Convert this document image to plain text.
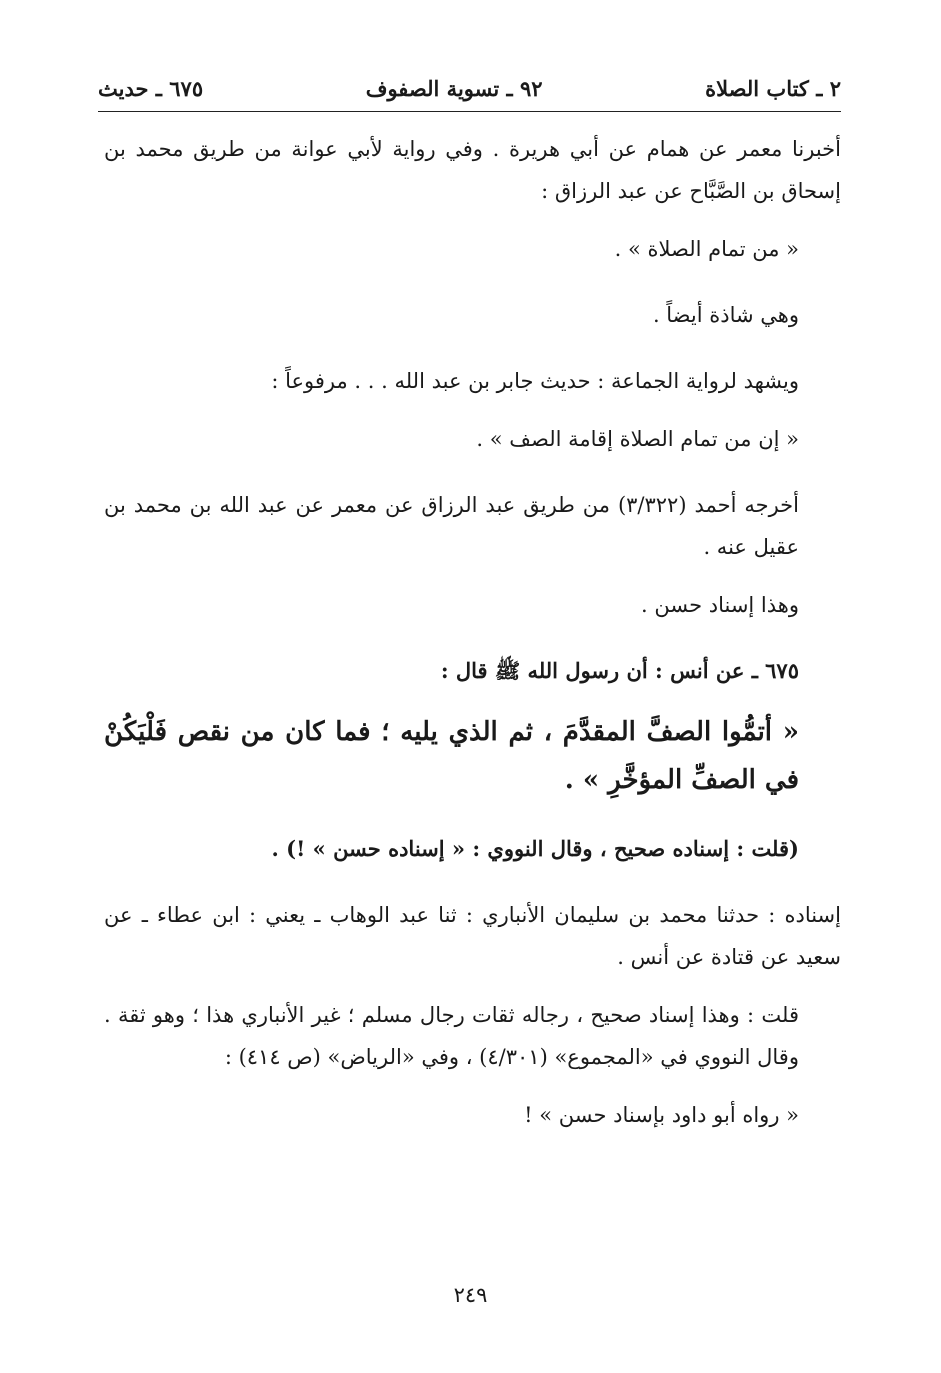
٢ ـ كتاب الصلاة
٩٢ ـ تسوية الصفوف
٦٧٥ ـ حديث

أخبرنا معمر عن همام عن أبي هريرة . وفي رواية لأبي عوانة من طريق محمد بن إسحاق بن الصَّبَّاح عن عبد الرزاق :

« من تمام الصلاة » .

وهي شاذة أيضاً .

ويشهد لرواية الجماعة : حديث جابر بن عبد الله . . . مرفوعاً :

« إن من تمام الصلاة إقامة الصف » .

أخرجه أحمد (٣/٣٢٢) من طريق عبد الرزاق عن معمر عن عبد الله بن محمد بن عقيل عنه .

وهذا إسناد حسن .

٦٧٥ ـ عن أنس : أن رسول الله ﷺ قال :

« أتمُّوا الصفَّ المقدَّمَ ، ثم الذي يليه ؛ فما كان من نقص فَلْيَكُنْ في الصفِّ المؤخَّرِ » .

(قلت : إسناده صحيح ، وقال النووي : « إسناده حسن » !) .

إسناده : حدثنا محمد بن سليمان الأنباري : ثنا عبد الوهاب ـ يعني : ابن عطاء ـ عن سعيد عن قتادة عن أنس .

قلت : وهذا إسناد صحيح ، رجاله ثقات رجال مسلم ؛ غير الأنباري هذا ؛ وهو ثقة . وقال النووي في «المجموع» (٤/٣٠١) ، وفي «الرياض» (ص ٤١٤) :

« رواه أبو داود بإسناد حسن » !

٢٤٩
